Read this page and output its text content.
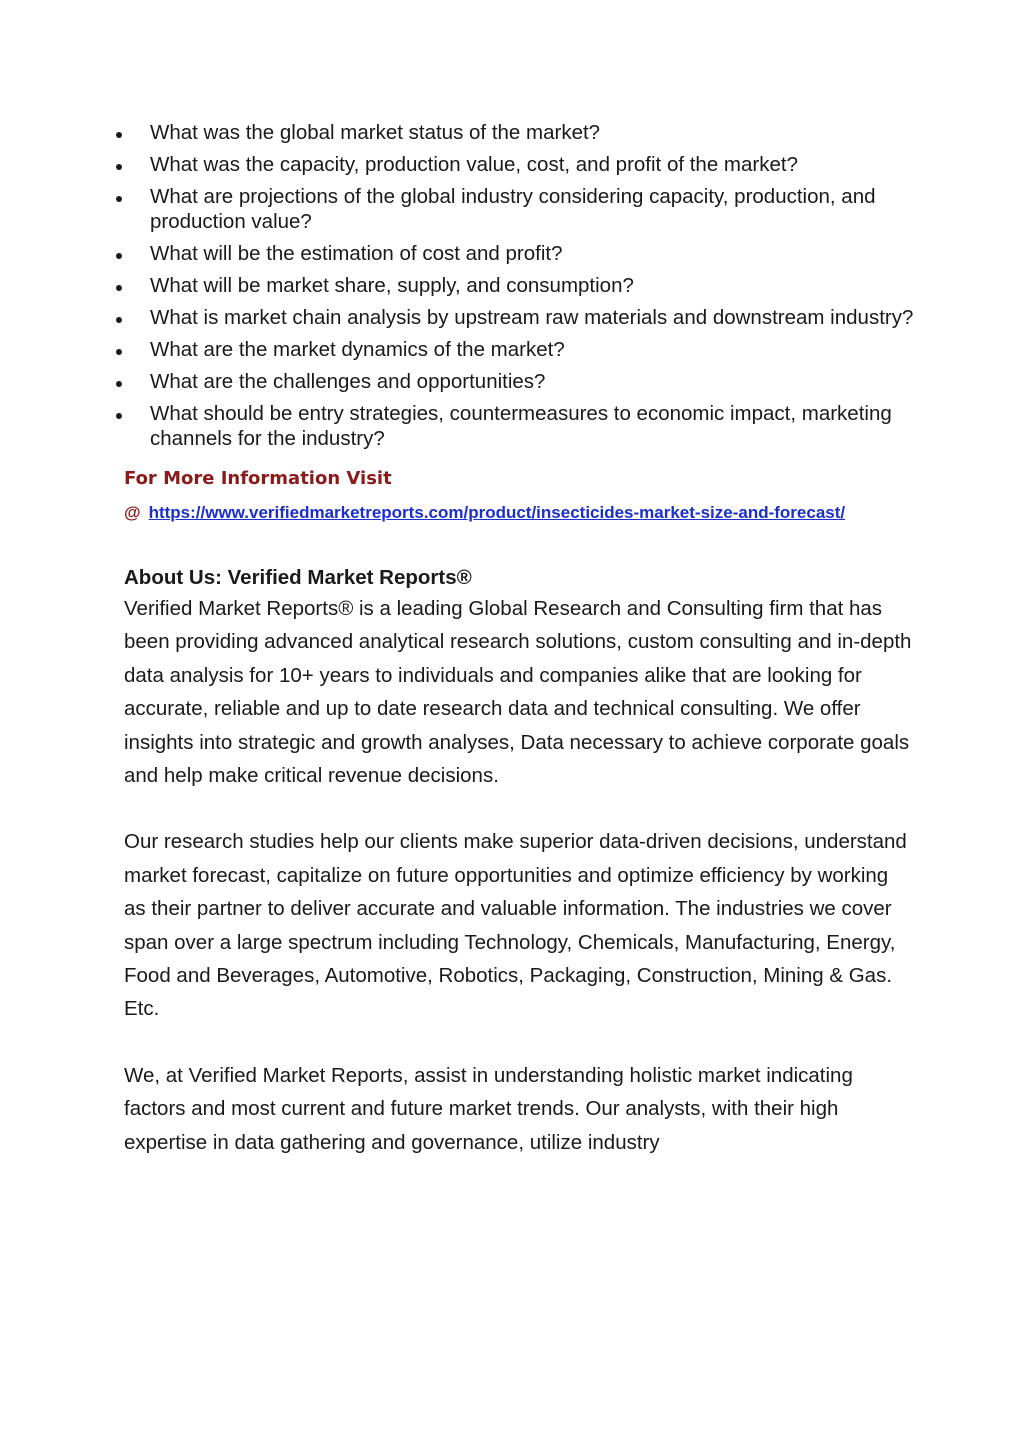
What was the global market status of the market?
What was the capacity, production value, cost, and profit of the market?
What are projections of the global industry considering capacity, production, and production value?
What will be the estimation of cost and profit?
What will be market share, supply, and consumption?
What is market chain analysis by upstream raw materials and downstream industry?
What are the market dynamics of the market?
What are the challenges and opportunities?
What should be entry strategies, countermeasures to economic impact, marketing channels for the industry?
For More Information Visit
@ https://www.verifiedmarketreports.com/product/insecticides-market-size-and-forecast/
About Us: Verified Market Reports®

Verified Market Reports® is a leading Global Research and Consulting firm that has been providing advanced analytical research solutions, custom consulting and in-depth data analysis for 10+ years to individuals and companies alike that are looking for accurate, reliable and up to date research data and technical consulting. We offer insights into strategic and growth analyses, Data necessary to achieve corporate goals and help make critical revenue decisions.

Our research studies help our clients make superior data-driven decisions, understand market forecast, capitalize on future opportunities and optimize efficiency by working as their partner to deliver accurate and valuable information. The industries we cover span over a large spectrum including Technology, Chemicals, Manufacturing, Energy, Food and Beverages, Automotive, Robotics, Packaging, Construction, Mining & Gas. Etc.

We, at Verified Market Reports, assist in understanding holistic market indicating factors and most current and future market trends. Our analysts, with their high expertise in data gathering and governance, utilize industry
